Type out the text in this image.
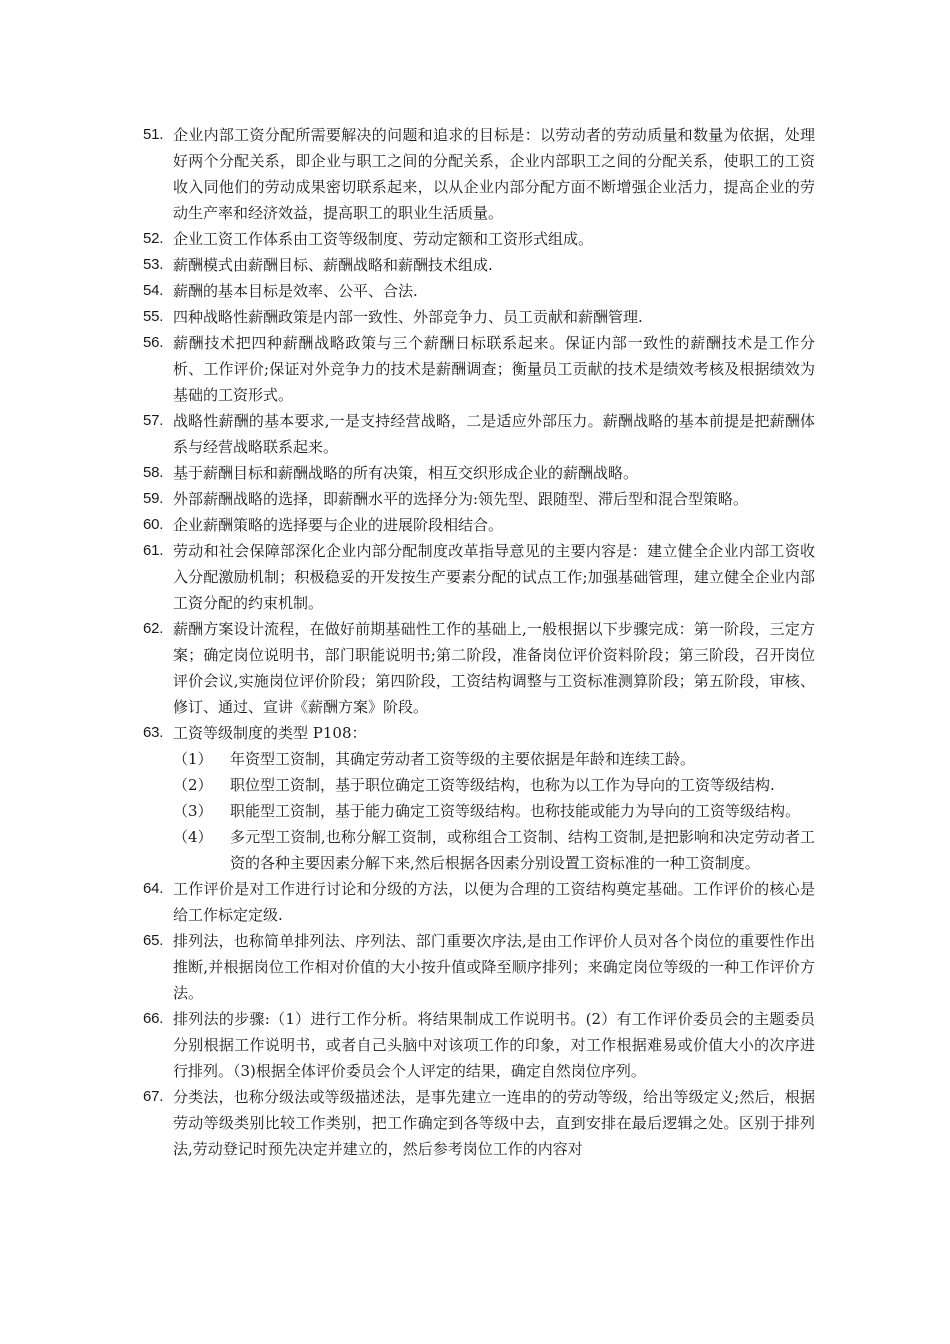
51. 企业内部工资分配所需要解决的问题和追求的目标是：以劳动者的劳动质量和数量为依据，处理好两个分配关系，即企业与职工之间的分配关系，企业内部职工之间的分配关系，使职工的工资收入同他们的劳动成果密切联系起来，以从企业内部分配方面不断增强企业活力，提高企业的劳动生产率和经济效益，提高职工的职业生活质量。
52. 企业工资工作体系由工资等级制度、劳动定额和工资形式组成。
53. 薪酬模式由薪酬目标、薪酬战略和薪酬技术组成.
54. 薪酬的基本目标是效率、公平、合法.
55. 四种战略性薪酬政策是内部一致性、外部竞争力、员工贡献和薪酬管理.
56. 薪酬技术把四种薪酬战略政策与三个薪酬日标联系起来。保证内部一致性的薪酬技术是工作分析、工作评价;保证对外竞争力的技术是薪酬调查；衡量员工贡献的技术是绩效考核及根据绩效为基础的工资形式。
57. 战略性薪酬的基本要求,一是支持经营战略，二是适应外部压力。薪酬战略的基本前提是把薪酬体系与经营战略联系起来。
58. 基于薪酬目标和薪酬战略的所有决策，相互交织形成企业的薪酬战略。
59. 外部薪酬战略的选择，即薪酬水平的选择分为:领先型、跟随型、滞后型和混合型策略。
60. 企业薪酬策略的选择要与企业的进展阶段相结合。
61. 劳动和社会保障部深化企业内部分配制度改革指导意见的主要内容是：建立健全企业内部工资收入分配激励机制；积极稳妥的开发按生产要素分配的试点工作;加强基础管理，建立健全企业内部工资分配的约束机制。
62. 薪酬方案设计流程，在做好前期基础性工作的基础上,一般根据以下步骤完成：第一阶段，三定方案；确定岗位说明书，部门职能说明书;第二阶段，准备岗位评价资料阶段；第三阶段，召开岗位评价会议,实施岗位评价阶段；第四阶段，工资结构调整与工资标准测算阶段；第五阶段，审核、修订、通过、宣讲《薪酬方案》阶段。
63. 工资等级制度的类型 P108：
（1）	年资型工资制，其确定劳动者工资等级的主要依据是年龄和连续工龄。
（2）	职位型工资制，基于职位确定工资等级结构，也称为以工作为导向的工资等级结构.
（3）	职能型工资制，基于能力确定工资等级结构。也称技能或能力为导向的工资等级结构。
（4）	多元型工资制,也称分解工资制，或称组合工资制、结构工资制,是把影响和决定劳动者工资的各种主要因素分解下来,然后根据各因素分别设置工资标准的一种工资制度。
64. 工作评价是对工作进行讨论和分级的方法，以便为合理的工资结构奠定基础。工作评价的核心是给工作标定定级.
65. 排列法，也称简单排列法、序列法、部门重要次序法,是由工作评价人员对各个岗位的重要性作出推断,并根据岗位工作相对价值的大小按升值或降至顺序排列；来确定岗位等级的一种工作评价方法。
66. 排列法的步骤:（1）进行工作分析。将结果制成工作说明书。(2）有工作评价委员会的主题委员分别根据工作说明书，或者自己头脑中对该项工作的印象，对工作根据难易或价值大小的次序进行排列。（3)根据全体评价委员会个人评定的结果，确定自然岗位序列。
67. 分类法，也称分级法或等级描述法，是事先建立一连串的的劳动等级，给出等级定义;然后，根据劳动等级类别比较工作类别，把工作确定到各等级中去，直到安排在最后逻辑之处。区别于排列法,劳动登记时预先决定并建立的，然后参考岗位工作的内容对
